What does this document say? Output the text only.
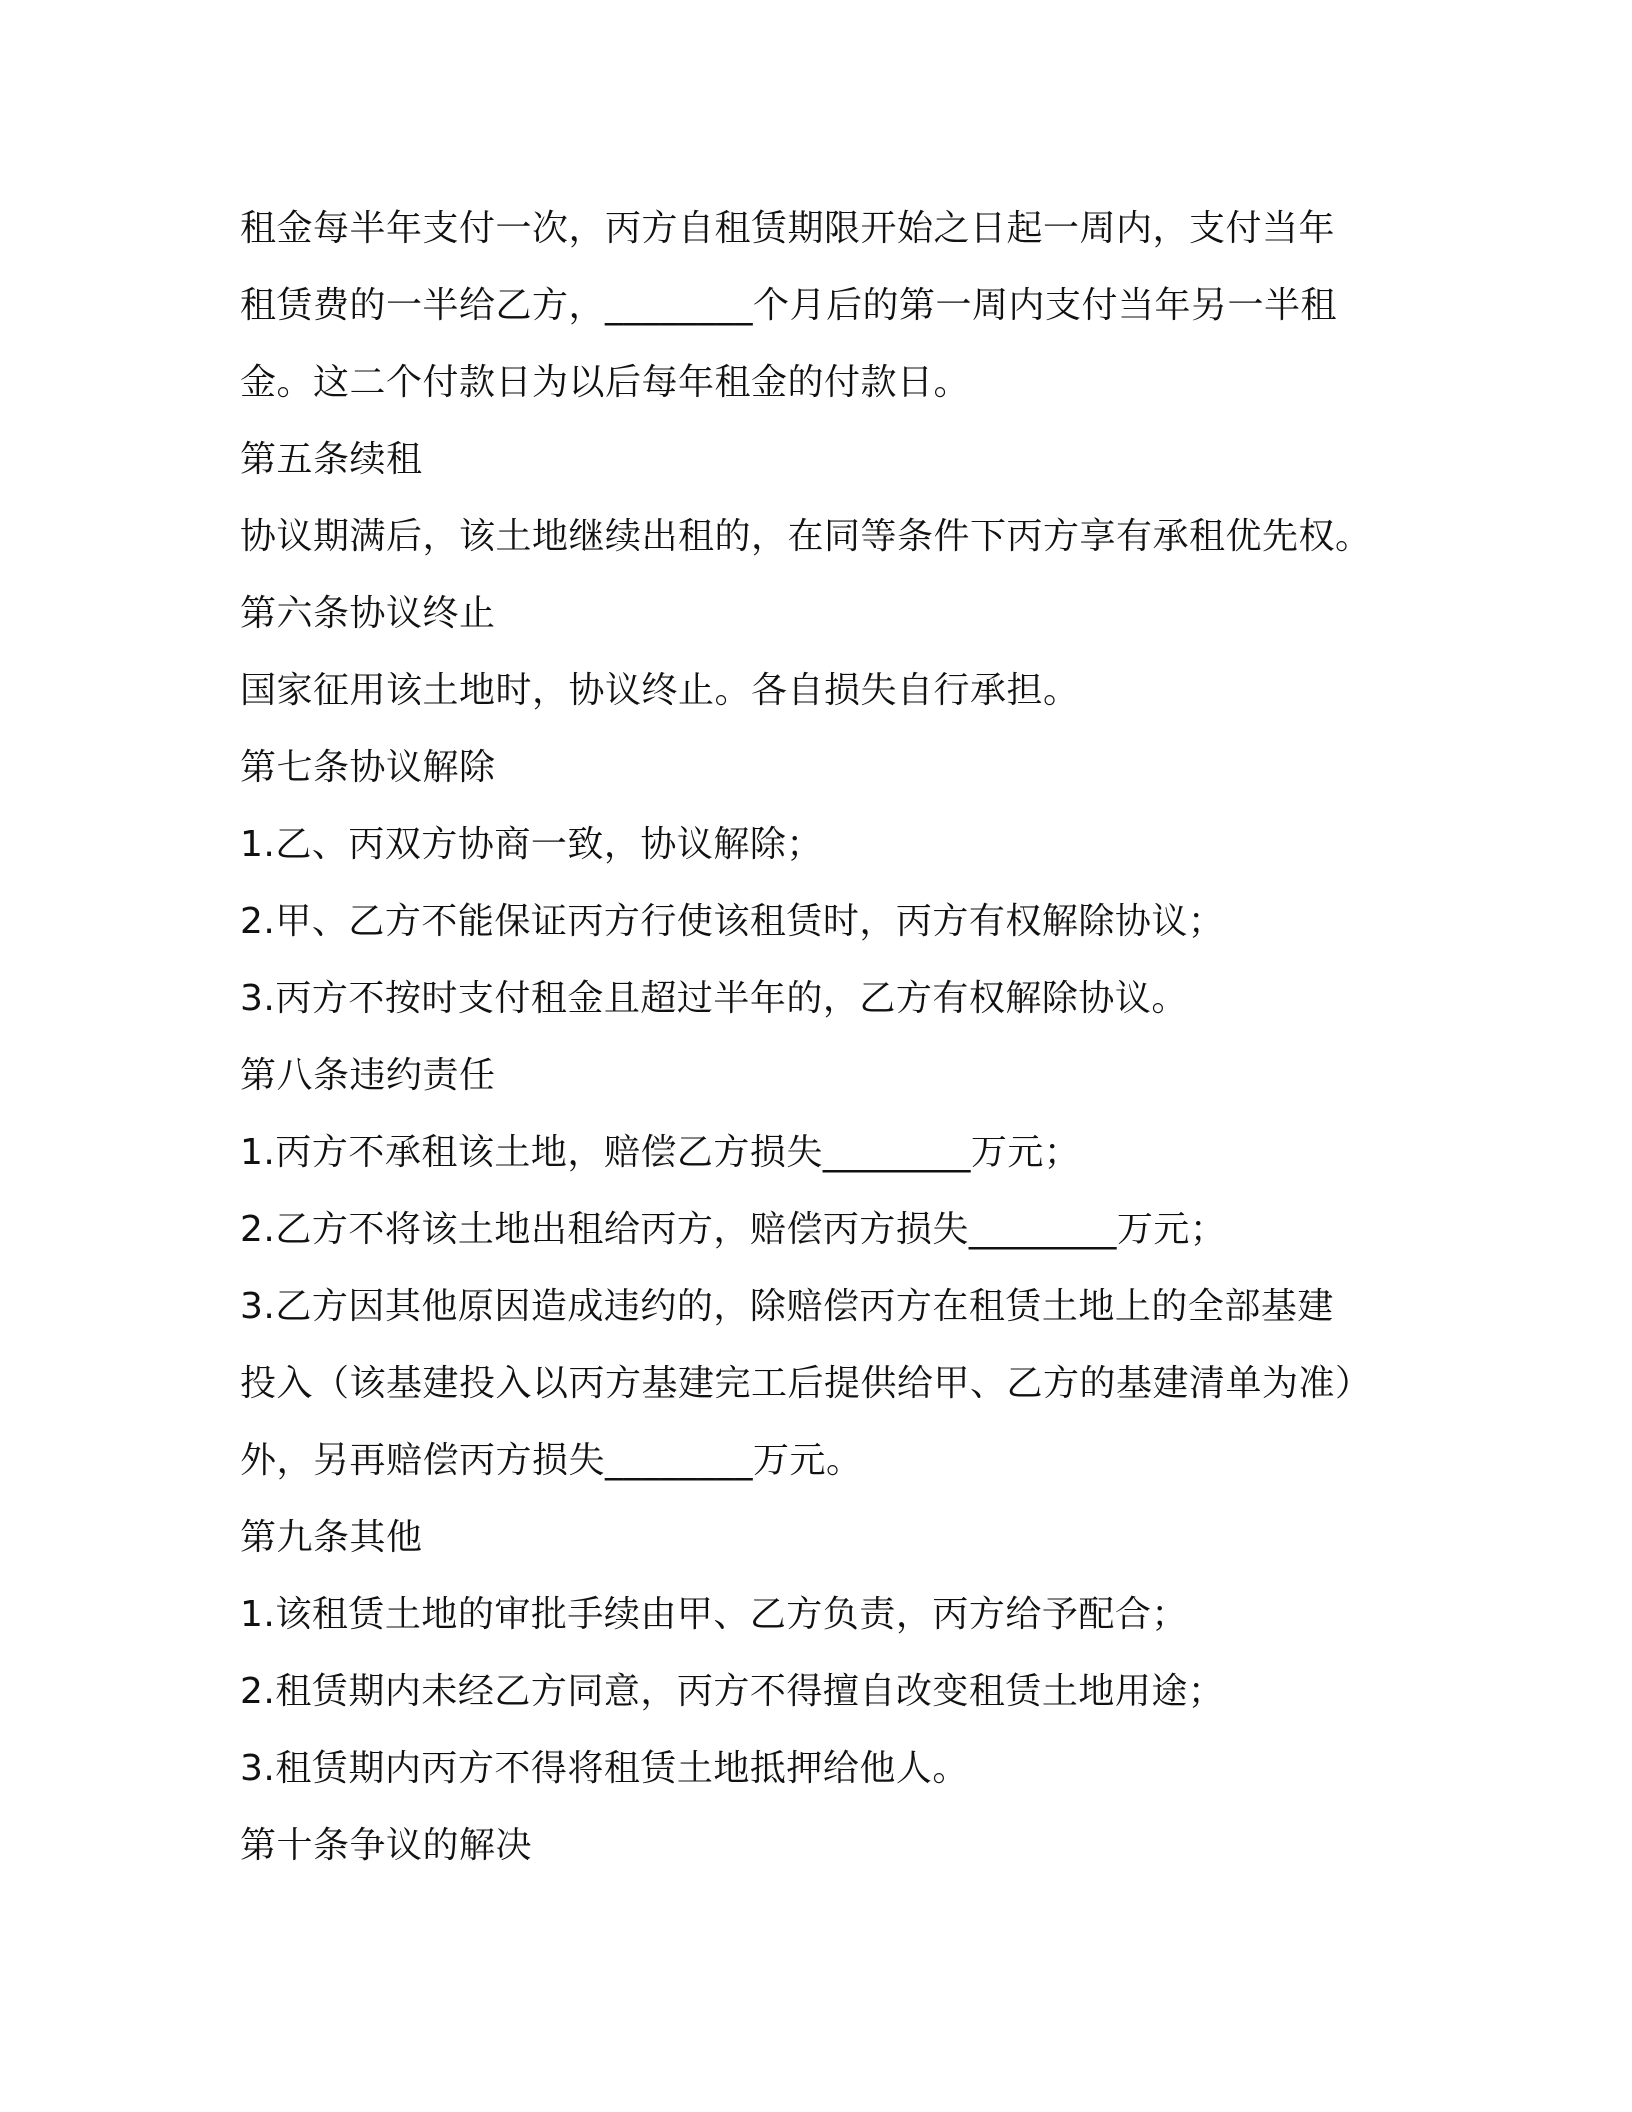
租金每半年支付一次，丙方自租赁期限开始之日起一周内，支付当年

租赁费的一半给乙方，________个月后的第一周内支付当年另一半租

金。这二个付款日为以后每年租金的付款日。

第五条续租

协议期满后，该土地继续出租的，在同等条件下丙方享有承租优先权。

第六条协议终止

国家征用该土地时，协议终止。各自损失自行承担。

第七条协议解除

1.乙、丙双方协商一致，协议解除；

2.甲、乙方不能保证丙方行使该租赁时，丙方有权解除协议；

3.丙方不按时支付租金且超过半年的，乙方有权解除协议。

第八条违约责任

1.丙方不承租该土地，赔偿乙方损失________万元；

2.乙方不将该土地出租给丙方，赔偿丙方损失________万元；

3.乙方因其他原因造成违约的，除赔偿丙方在租赁土地上的全部基建

投入（该基建投入以丙方基建完工后提供给甲、乙方的基建清单为准）

外，另再赔偿丙方损失________万元。

第九条其他

1.该租赁土地的审批手续由甲、乙方负责，丙方给予配合；

2.租赁期内未经乙方同意，丙方不得擅自改变租赁土地用途；

3.租赁期内丙方不得将租赁土地抵押给他人。

第十条争议的解决
